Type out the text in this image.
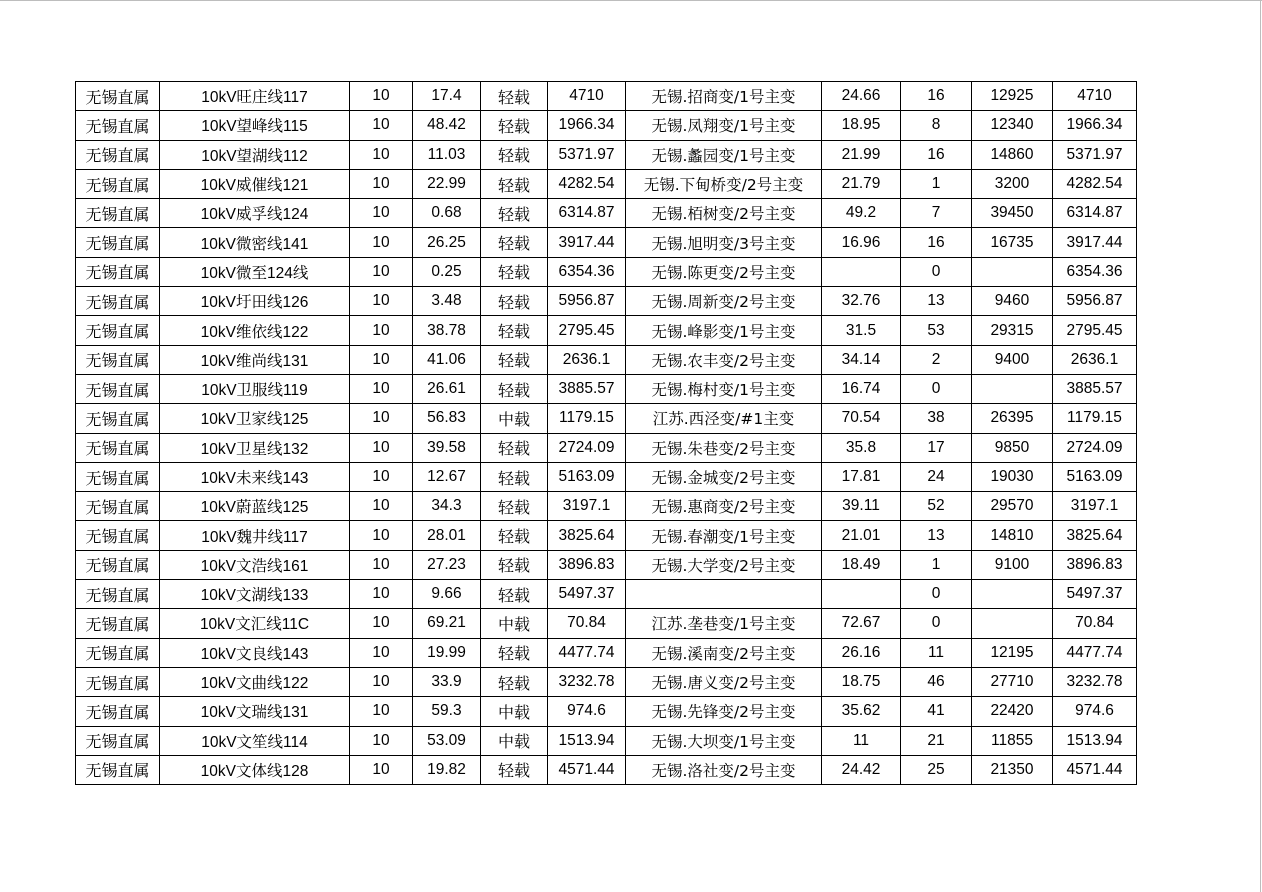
无锡直属	10kV旺庄线117	10	17.4	轻载	4710	无锡.招商变/1号主变	24.66	16	12925	4710
无锡直属	10kV望峰线115	10	48.42	轻载	1966.34	无锡.凤翔变/1号主变	18.95	8	12340	1966.34
无锡直属	10kV望湖线112	10	11.03	轻载	5371.97	无锡.蠡园变/1号主变	21.99	16	14860	5371.97
无锡直属	10kV威催线121	10	22.99	轻载	4282.54	无锡.下甸桥变/2号主变	21.79	1	3200	4282.54
无锡直属	10kV威孚线124	10	0.68	轻载	6314.87	无锡.栢树变/2号主变	49.2	7	39450	6314.87
无锡直属	10kV微密线141	10	26.25	轻载	3917.44	无锡.旭明变/3号主变	16.96	16	16735	3917.44
无锡直属	10kV微至124线	10	0.25	轻载	6354.36	无锡.陈更变/2号主变		0		6354.36
无锡直属	10kV圩田线126	10	3.48	轻载	5956.87	无锡.周新变/2号主变	32.76	13	9460	5956.87
无锡直属	10kV维依线122	10	38.78	轻载	2795.45	无锡.峰影变/1号主变	31.5	53	29315	2795.45
无锡直属	10kV维尚线131	10	41.06	轻载	2636.1	无锡.农丰变/2号主变	34.14	2	9400	2636.1
无锡直属	10kV卫服线119	10	26.61	轻载	3885.57	无锡.梅村变/1号主变	16.74	0		3885.57
无锡直属	10kV卫家线125	10	56.83	中载	1179.15	江苏.西泾变/#1主变	70.54	38	26395	1179.15
无锡直属	10kV卫星线132	10	39.58	轻载	2724.09	无锡.朱巷变/2号主变	35.8	17	9850	2724.09
无锡直属	10kV未来线143	10	12.67	轻载	5163.09	无锡.金城变/2号主变	17.81	24	19030	5163.09
无锡直属	10kV蔚蓝线125	10	34.3	轻载	3197.1	无锡.惠商变/2号主变	39.11	52	29570	3197.1
无锡直属	10kV魏井线117	10	28.01	轻载	3825.64	无锡.春潮变/1号主变	21.01	13	14810	3825.64
无锡直属	10kV文浩线161	10	27.23	轻载	3896.83	无锡.大学变/2号主变	18.49	1	9100	3896.83
无锡直属	10kV文湖线133	10	9.66	轻载	5497.37			0		5497.37
无锡直属	10kV文汇线11C	10	69.21	中载	70.84	江苏.垄巷变/1号主变	72.67	0		70.84
无锡直属	10kV文良线143	10	19.99	轻载	4477.74	无锡.溪南变/2号主变	26.16	11	12195	4477.74
无锡直属	10kV文曲线122	10	33.9	轻载	3232.78	无锡.唐义变/2号主变	18.75	46	27710	3232.78
无锡直属	10kV文瑞线131	10	59.3	中载	974.6	无锡.先锋变/2号主变	35.62	41	22420	974.6
无锡直属	10kV文笙线114	10	53.09	中载	1513.94	无锡.大坝变/1号主变	11	21	11855	1513.94
无锡直属	10kV文体线128	10	19.82	轻载	4571.44	无锡.洛社变/2号主变	24.42	25	21350	4571.44
